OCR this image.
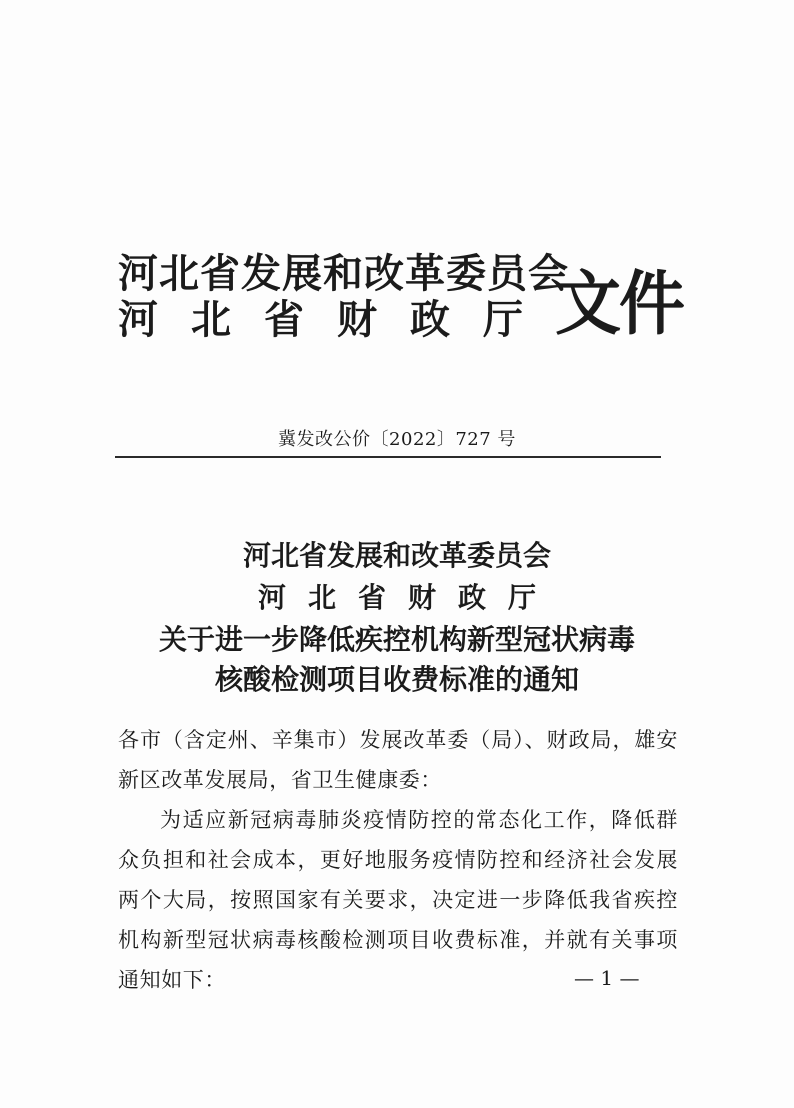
河北省发展和改革委员会
河北省财政厅 文件
冀发改公价〔2022〕727 号
河北省发展和改革委员会
河北省财政厅
关于进一步降低疾控机构新型冠状病毒
核酸检测项目收费标准的通知
各市（含定州、辛集市）发展改革委（局）、财政局，雄安新区改革发展局，省卫生健康委：
为适应新冠病毒肺炎疫情防控的常态化工作，降低群众负担和社会成本，更好地服务疫情防控和经济社会发展两个大局，按照国家有关要求，决定进一步降低我省疾控机构新型冠状病毒核酸检测项目收费标准，并就有关事项通知如下：	— 1 —
